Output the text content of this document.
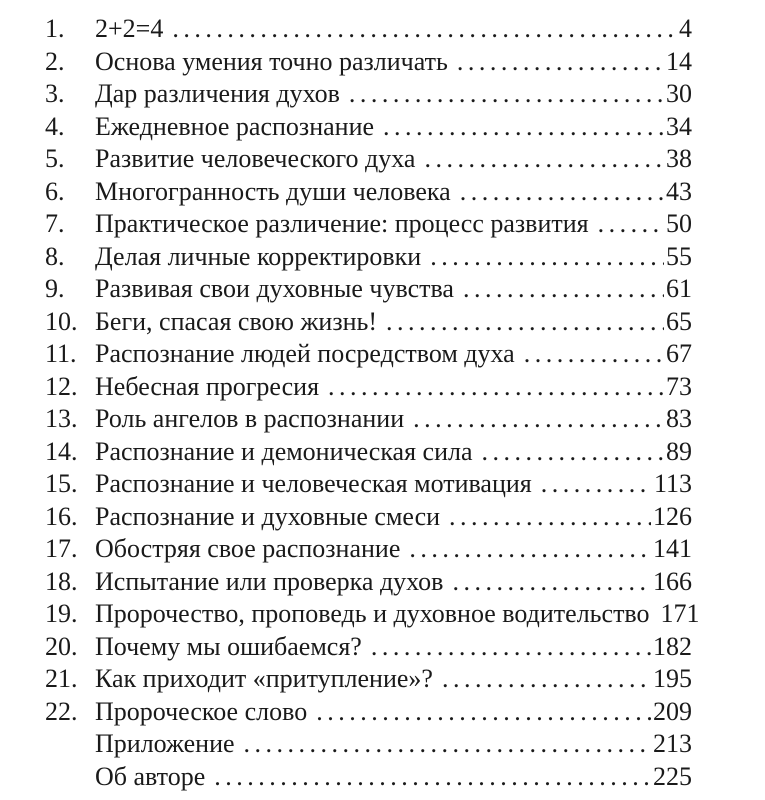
1.	2+2=4 .....	4
2.	Основа умения точно различать .....	14
3.	Дар различения духов .....	30
4.	Ежедневное распознание .....	34
5.	Развитие человеческого духа .....	38
6.	Многогранность души человека .....	43
7.	Практическое различение: процесс развития .....	50
8.	Делая личные корректировки .....	55
9.	Развивая свои духовные чувства .....	61
10. Беги, спасая свою жизнь! .....	65
11. Распознание людей посредством духа .....	67
12. Небесная прогресия .....	73
13. Роль ангелов в распознании .....	83
14. Распознание и демоническая сила .....	89
15. Распознание и человеческая мотивация .....	113
16. Распознание и духовные смеси .....	126
17. Обостряя свое распознание .....	141
18. Испытание или проверка духов .....	166
19. Пророчество, проповедь и духовное водительство 171
20. Почему мы ошибаемся? .....	182
21. Как приходит «притупление»? .....	195
22. Пророческое слово .....	209
Приложение .....	213
Об авторе .....	225
